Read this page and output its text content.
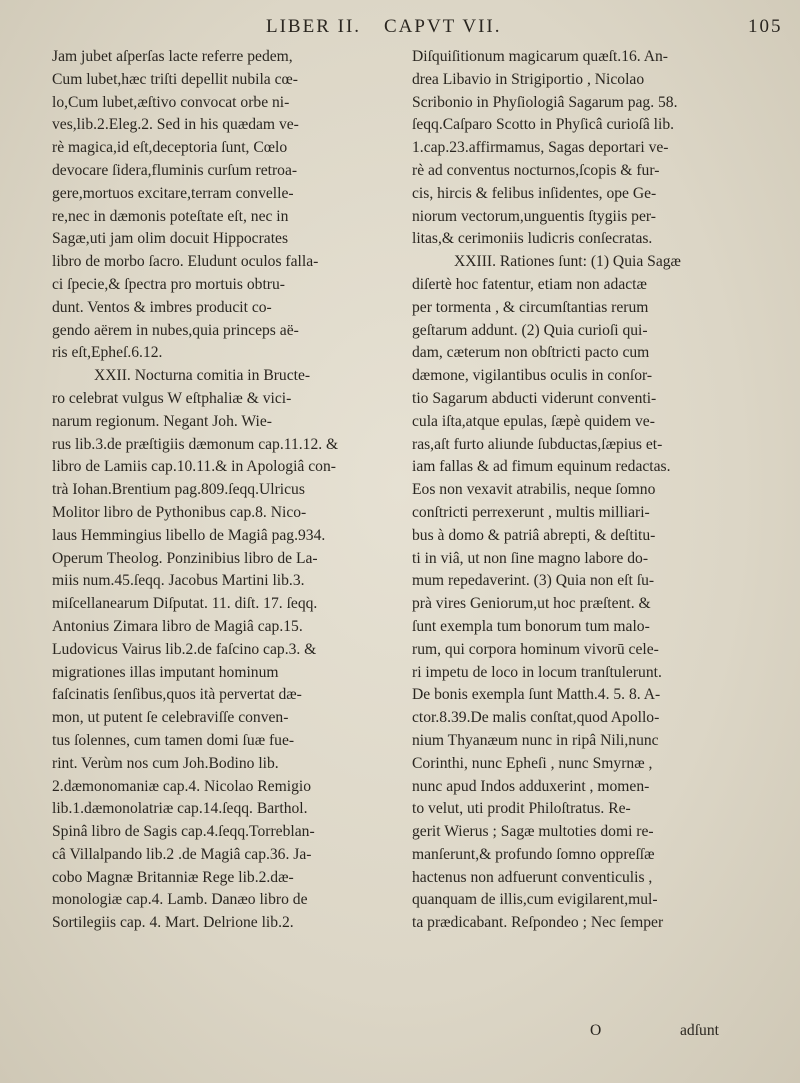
LIBER II. CAPVT VII.	105

Jam jubet aſperſas lacte referre pedem,

Cum lubet,hæc triſti depellit nubila cœ-

lo,Cum lubet,æſtivo convocat orbe ni-

ves,lib.2.Eleg.2. Sed in his quædam ve-

rè magica,id eſt,deceptoria ſunt, Cœlo

devocare ſidera,fluminis curſum retroa-

gere,mortuos excitare,terram convelle-

re,nec in dæmonis poteſtate eſt, nec in

Sagæ,uti jam olim docuit Hippocrates

libro de morbo ſacro. Eludunt oculos falla-

ci ſpecie,& ſpectra pro mortuis obtru-

dunt. Ventos & imbres producit co-

gendo aërem in nubes,quia princeps aë-

ris eſt,Epheſ.6.12.

XXII. Nocturna comitia in Bructe-

ro celebrat vulgus W eſtphaliæ & vici-

narum regionum. Negant Joh. Wie-

rus lib.3.de præſtigiis dæmonum cap.11.12. &

libro de Lamiis cap.10.11.& in Apologiâ con-

trà Iohan.Brentium pag.809.ſeqq.Ulricus

Molitor libro de Pythonibus cap.8. Nico-

laus Hemmingius libello de Magiâ pag.934.

Operum Theolog. Ponzinibius libro de La-

miis num.45.ſeqq. Jacobus Martini lib.3.

miſcellanearum Diſputat. 11. diſt. 17. ſeqq.

Antonius Zimara libro de Magiâ cap.15.

Ludovicus Vairus lib.2.de faſcino cap.3. &

migrationes illas imputant hominum

faſcinatis ſenſibus,quos ità pervertat dæ-

mon, ut putent ſe celebraviſſe conven-

tus ſolennes, cum tamen domi ſuæ fue-

rint. Verùm nos cum Joh.Bodino lib.

2.dæmonomaniæ cap.4. Nicolao Remigio

lib.1.dæmonolatriæ cap.14.ſeqq. Barthol.

Spinâ libro de Sagis cap.4.ſeqq.Torreblan-

câ Villalpando lib.2 .de Magiâ cap.36. Ja-

cobo Magnæ Britanniæ Rege lib.2.dæ-

monologiæ cap.4. Lamb. Danæo libro de

Sortilegiis cap. 4. Mart. Delrione lib.2.

Diſquiſitionum magicarum quæſt.16. An-

drea Libavio in Strigiportio , Nicolao

Scribonio in Phyſiologiâ Sagarum pag. 58.

ſeqq.Caſparo Scotto in Phyſicâ curioſâ lib.

1.cap.23.affirmamus, Sagas deportari ve-

rè ad conventus nocturnos,ſcopis & fur-

cis, hircis & felibus inſidentes, ope Ge-

niorum vectorum,unguentis ſtygiis per-

litas,& cerimoniis ludicris conſecratas.

XXIII. Rationes ſunt: (1) Quia Sagæ

diſertè hoc fatentur, etiam non adactæ

per tormenta , & circumſtantias rerum

geſtarum addunt. (2) Quia curioſi qui-

dam, cæterum non obſtricti pacto cum

dæmone, vigilantibus oculis in conſor-

tio Sagarum abducti viderunt conventi-

cula iſta,atque epulas, ſæpè quidem ve-

ras,aſt furto aliunde ſubductas,ſæpius et-

iam fallas & ad fimum equinum redactas.

Eos non vexavit atrabilis, neque ſomno

conſtricti perrexerunt , multis milliari-

bus à domo & patriâ abrepti, & deſtitu-

ti in viâ, ut non ſine magno labore do-

mum repedaverint. (3) Quia non eſt ſu-

prà vires Geniorum,ut hoc præſtent. &

ſunt exempla tum bonorum tum malo-

rum, qui corpora hominum vivorū cele-

ri impetu de loco in locum tranſtulerunt.

De bonis exempla ſunt Matth.4. 5. 8. A-

ctor.8.39.De malis conſtat,quod Apollo-

nium Thyanæum nunc in ripâ Nili,nunc

Corinthi, nunc Epheſi , nunc Smyrnæ ,

nunc apud Indos adduxerint , momen-

to velut, uti prodit Philoſtratus. Re-

gerit Wierus ; Sagæ multoties domi re-

manſerunt,& profundo ſomno oppreſſæ

hactenus non adfuerunt conventiculis ,

quanquam de illis,cum evigilarent,mul-

ta prædicabant. Reſpondeo ; Nec ſemper

O	adſunt
